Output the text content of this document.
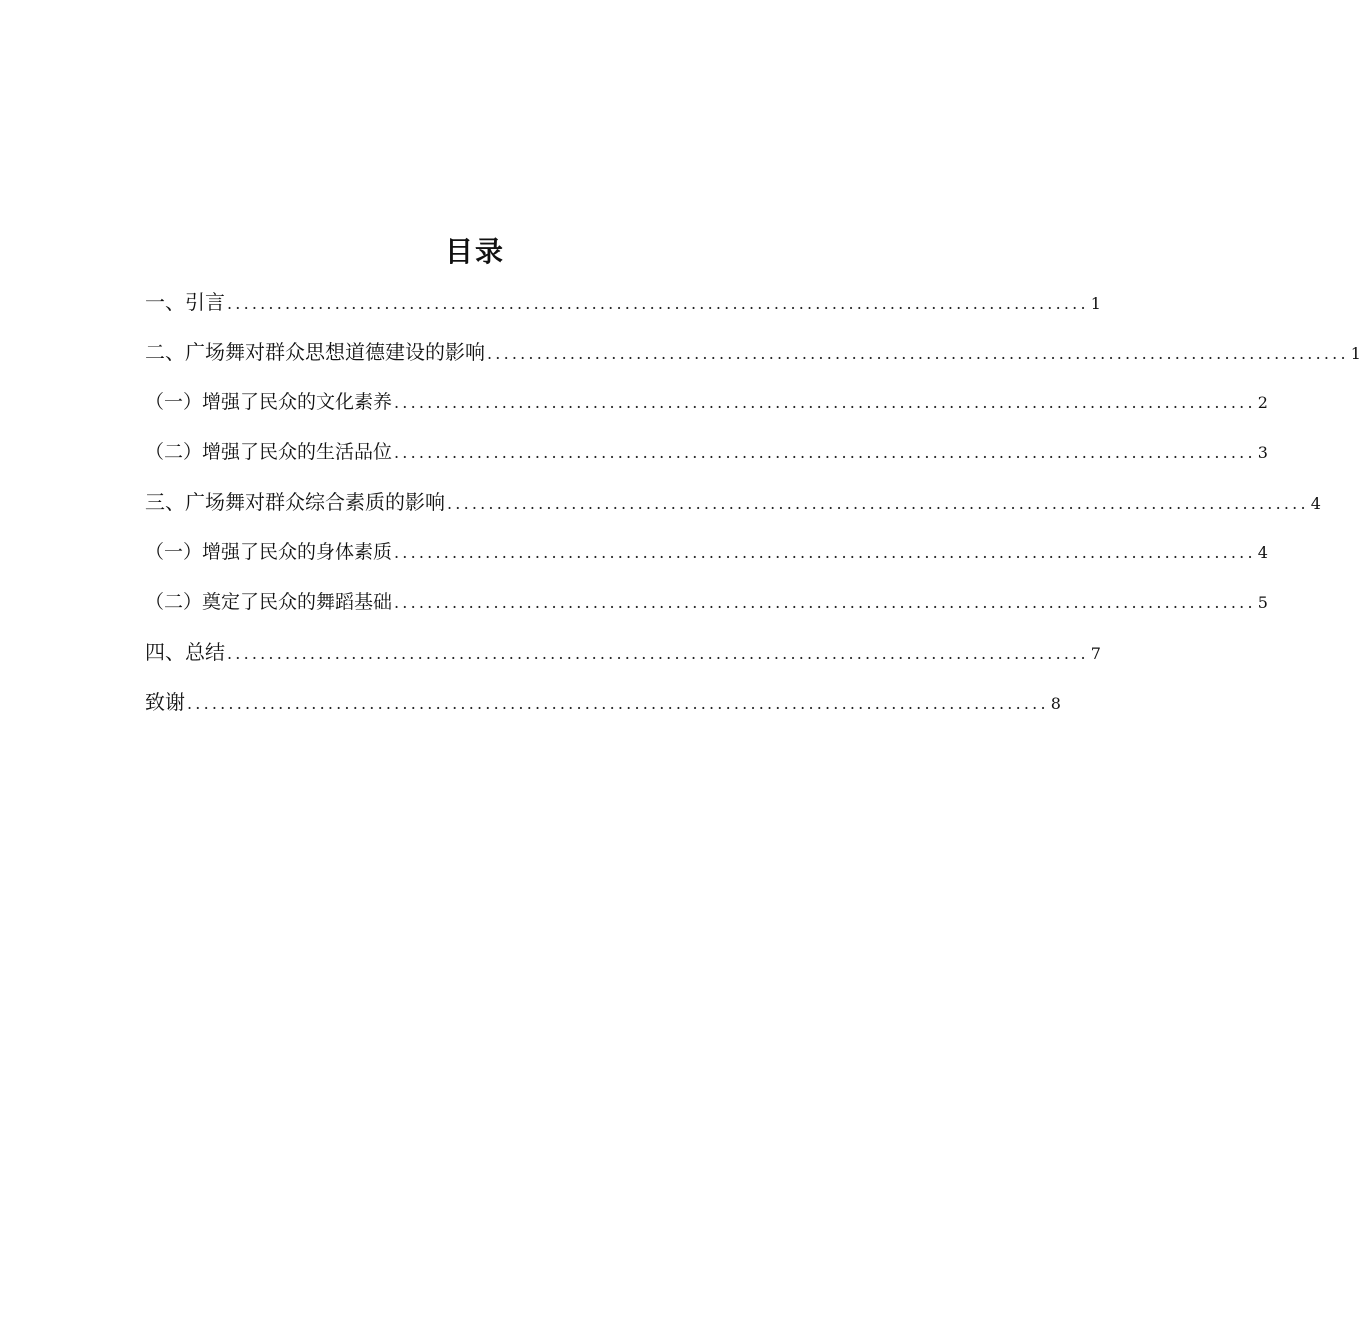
目录
一、引言 ........................................................................................................ 1
二、广场舞对群众思想道德建设的影响 ........................................................................................................ 1
（一）增强了民众的文化素养 ........................................................................................................ 2
（二）增强了民众的生活品位 ........................................................................................................ 3
三、广场舞对群众综合素质的影响 ........................................................................................................ 4
（一）增强了民众的身体素质 ........................................................................................................ 4
（二）奠定了民众的舞蹈基础 ........................................................................................................ 5
四、总结 ........................................................................................................ 7
致谢 ........................................................................................................ 8
